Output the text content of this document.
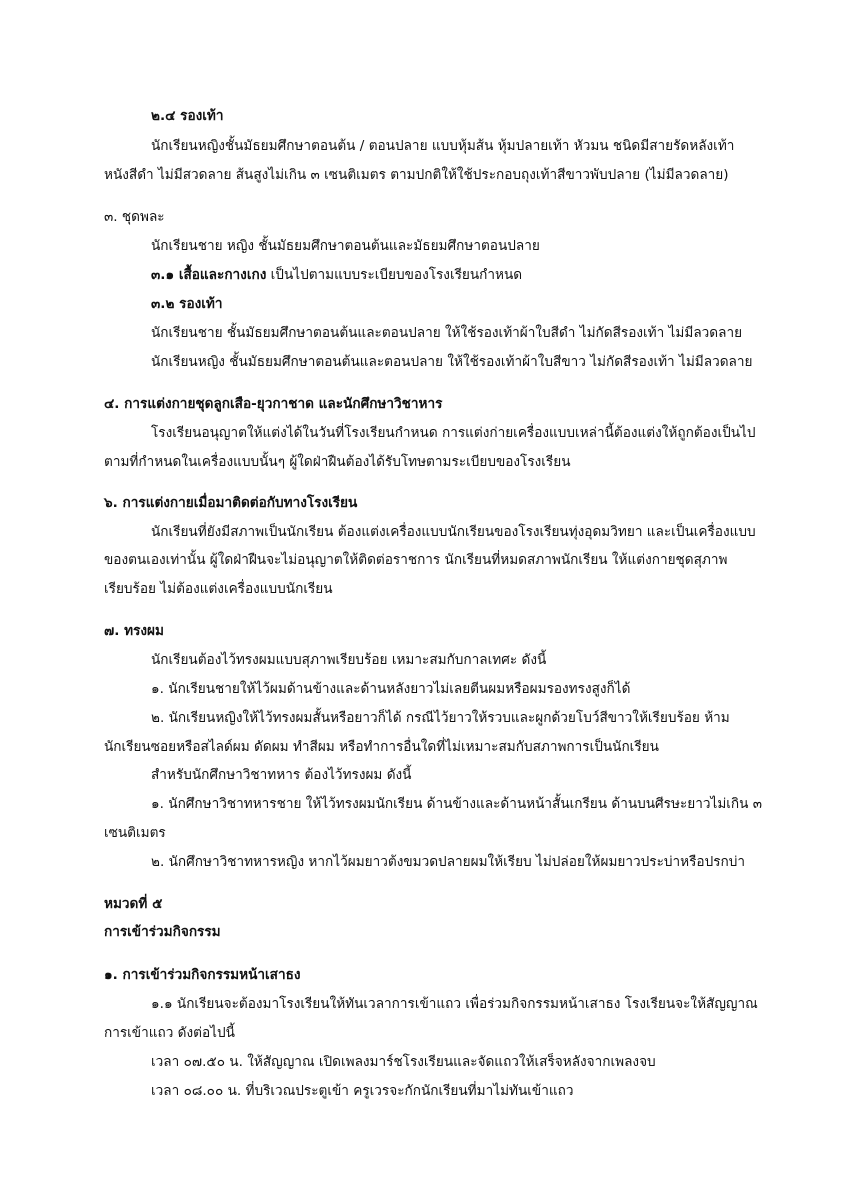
๒.๔ รองเท้า
นักเรียนหญิงชั้นมัธยมศึกษาตอนต้น / ตอนปลาย แบบหุ้มส้น หุ้มปลายเท้า หัวมน ชนิดมีสายรัดหลังเท้า
หนังสีดำ ไม่มีสวดลาย ส้นสูงไม่เกิน ๓ เซนติเมตร ตามปกติให้ใช้ประกอบถุงเท้าสีขาวพับปลาย (ไม่มีลวดลาย)
๓. ชุดพละ
นักเรียนชาย หญิง ชั้นมัธยมศึกษาตอนต้นและมัธยมศึกษาตอนปลาย
๓.๑ เสื้อและกางเกง เป็นไปตามแบบระเบียบของโรงเรียนกำหนด
๓.๒ รองเท้า
นักเรียนชาย ชั้นมัธยมศึกษาตอนต้นและตอนปลาย ให้ใช้รองเท้าผ้าใบสีดำ ไม่กัดสีรองเท้า ไม่มีลวดลาย
นักเรียนหญิง ชั้นมัธยมศึกษาตอนต้นและตอนปลาย ให้ใช้รองเท้าผ้าใบสีขาว ไม่กัดสีรองเท้า ไม่มีลวดลาย
๔. การแต่งกายชุดลูกเสือ-ยุวกาชาด และนักศึกษาวิชาหาร
โรงเรียนอนุญาตให้แต่งได้ในวันที่โรงเรียนกำหนด การแต่งก่ายเครื่องแบบเหล่านี้ต้องแต่งให้ถูกต้องเป็นไป
ตามที่กำหนดในเครื่องแบบนั้นๆ ผู้ใดฝ่าฝืนต้องได้รับโทษตามระเบียบของโรงเรียน
๖. การแต่งกายเมื่อมาติดต่อกับทางโรงเรียน
นักเรียนที่ยังมีสภาพเป็นนักเรียน ต้องแต่งเครื่องแบบนักเรียนของโรงเรียนทุ่งอุดมวิทยา และเป็นเครื่องแบบ
ของตนเองเท่านั้น ผู้ใดฝ่าฝืนจะไม่อนุญาตให้ติดต่อราชการ นักเรียนที่หมดสภาพนักเรียน ให้แต่งกายชุดสุภาพ
เรียบร้อย ไม่ต้องแต่งเครื่องแบบนักเรียน
๗. ทรงผม
นักเรียนต้องไว้ทรงผมแบบสุภาพเรียบร้อย เหมาะสมกับกาลเทศะ ดังนี้
๑. นักเรียนชายให้ไว้ผมด้านข้างและด้านหลังยาวไม่เลยตีนผมหรือผมรองทรงสูงก็ได้
๒. นักเรียนหญิงให้ไว้ทรงผมสั้นหรือยาวก็ได้ กรณีไว้ยาวให้รวบและผูกด้วยโบว์สีขาวให้เรียบร้อย ห้าม
นักเรียนซอยหรือสไลด์ผม ดัดผม ทำสีผม หรือทำการอื่นใดที่ไม่เหมาะสมกับสภาพการเป็นนักเรียน
สำหรับนักศึกษาวิชาทหาร ต้องไว้ทรงผม ดังนี้
๑. นักศึกษาวิชาทหารชาย ให้ไว้ทรงผมนักเรียน ด้านข้างและด้านหน้าสั้นเกรียน ด้านบนศีรษะยาวไม่เกิน ๓
เซนติเมตร
๒. นักศึกษาวิชาทหารหญิง หากไว้ผมยาวต้งขมวดปลายผมให้เรียบ ไม่ปล่อยให้ผมยาวประบ่าหรือปรกบ่า
หมวดที่ ๕
การเข้าร่วมกิจกรรม
๑. การเข้าร่วมกิจกรรมหน้าเสาธง
๑.๑ นักเรียนจะต้องมาโรงเรียนให้ทันเวลาการเข้าแถว เพื่อร่วมกิจกรรมหน้าเสาธง โรงเรียนจะให้สัญญาณ
การเข้าแถว ดังต่อไปนี้
เวลา ๐๗.๕๐ น. ให้สัญญาณ เปิดเพลงมาร์ชโรงเรียนและจัดแถวให้เสร็จหลังจากเพลงจบ
เวลา ๐๘.๐๐ น. ที่บริเวณประตูเข้า ครูเวรจะกักนักเรียนที่มาไม่ทันเข้าแถว
